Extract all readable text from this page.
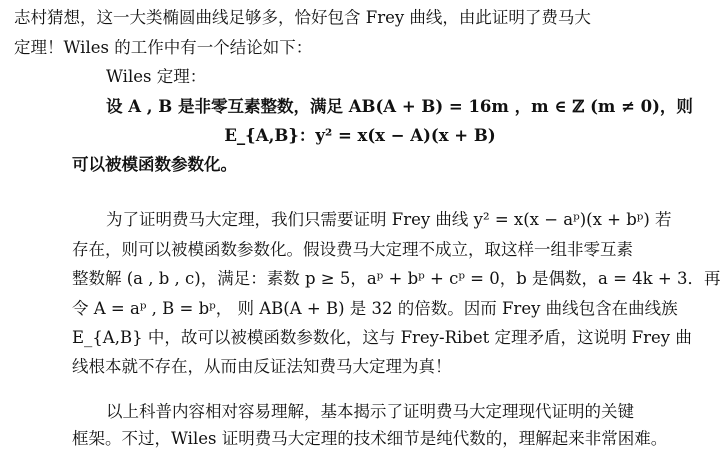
志村猜想，这一大类椭圆曲线足够多，恰好包含 Frey 曲线，由此证明了费马大
定理！Wiles 的工作中有一个结论如下：
Wiles 定理：
设 A , B 是非零互素整数，满足 AB(A + B) = 16m ，m ∈ ℤ (m ≠ 0)，则
E_{A,B}：y² = x(x − A)(x + B)
可以被模函数参数化。
为了证明费马大定理，我们只需要证明 Frey 曲线 y² = x(x − aᵖ)(x + bᵖ) 若
存在，则可以被模函数参数化。假设费马大定理不成立，取这样一组非零互素
整数解 (a , b , c)，满足：素数 p ≥ 5，aᵖ + bᵖ + cᵖ = 0，b 是偶数，a = 4k + 3．再
令 A = aᵖ , B = bᵖ， 则 AB(A + B) 是 32 的倍数。因而 Frey 曲线包含在曲线族
E_{A,B} 中，故可以被模函数参数化，这与 Frey-Ribet 定理矛盾，这说明 Frey 曲
线根本就不存在，从而由反证法知费马大定理为真！
以上科普内容相对容易理解，基本揭示了证明费马大定理现代证明的关键
框架。不过，Wiles 证明费马大定理的技术细节是纯代数的，理解起来非常困难。
